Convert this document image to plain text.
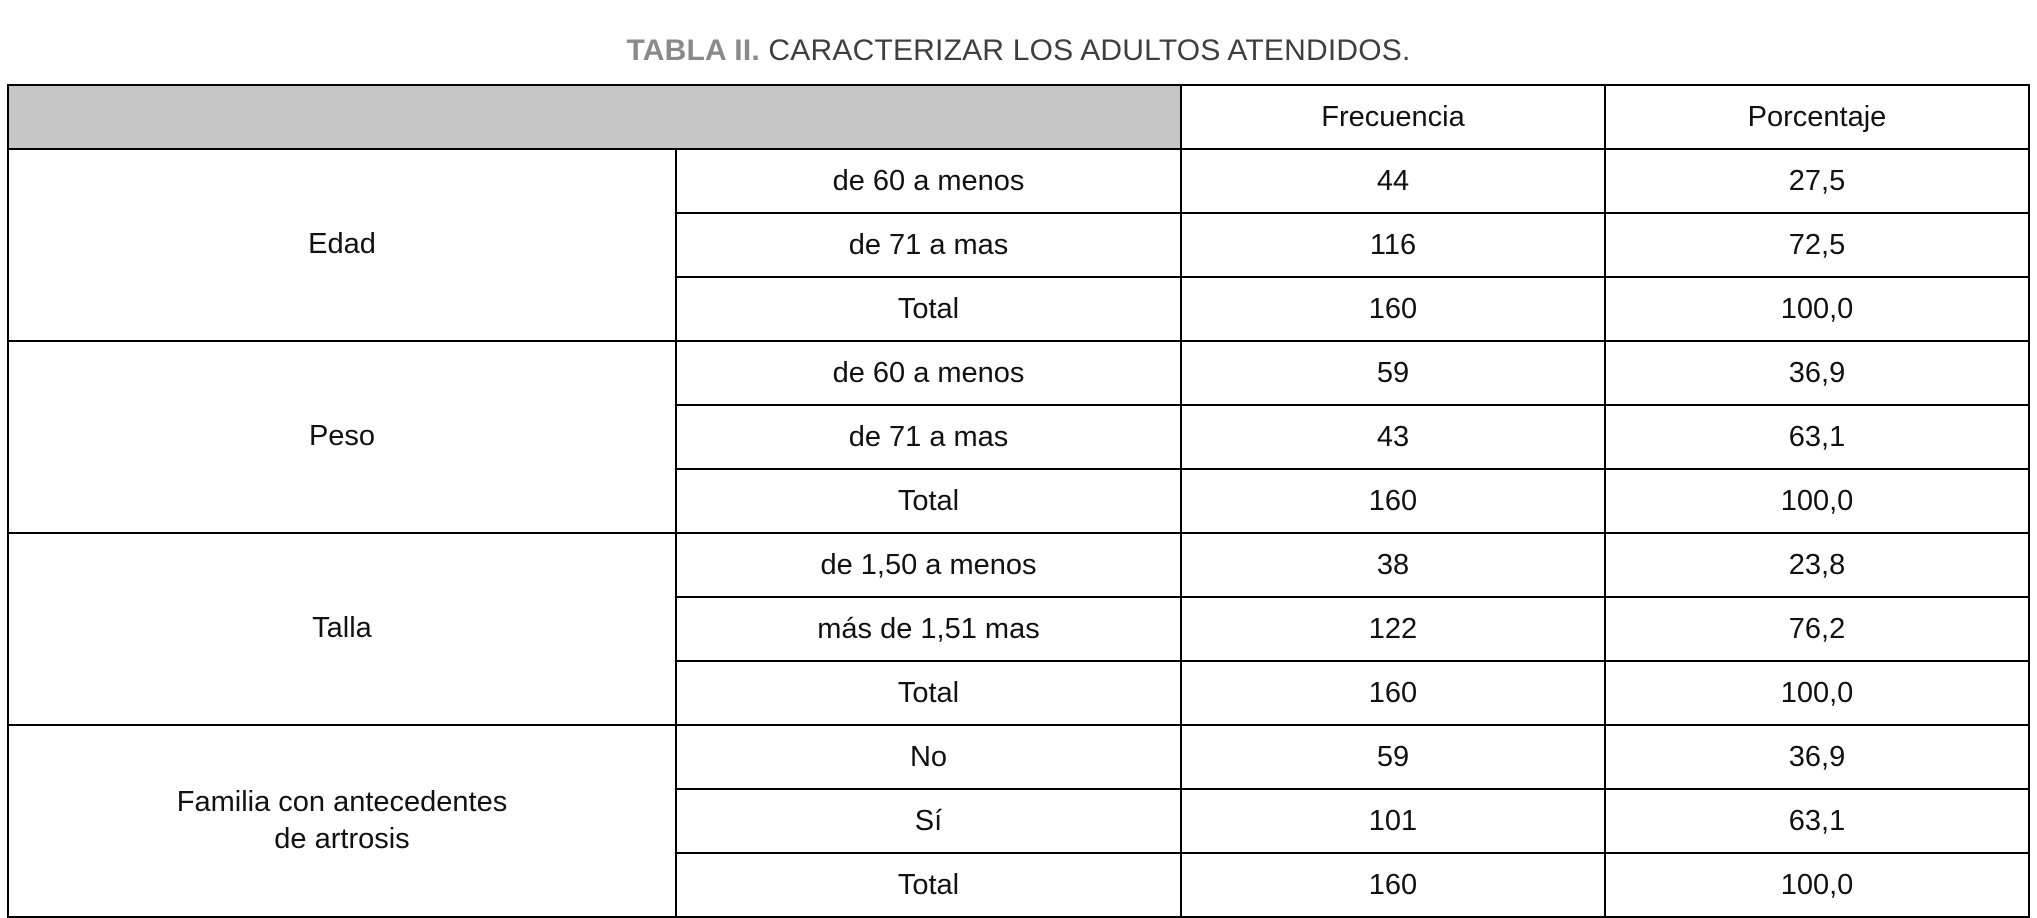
TABLA II. CARACTERIZAR LOS ADULTOS ATENDIDOS.
		Frecuencia	Porcentaje
Edad	de 60 a menos	44	27,5
	de 71 a mas	116	72,5
	Total	160	100,0
Peso	de 60 a menos	59	36,9
	de 71 a mas	43	63,1
	Total	160	100,0
Talla	de 1,50 a menos	38	23,8
	más de 1,51 mas	122	76,2
	Total	160	100,0
Familia con antecedentes
de artrosis	No	59	36,9
	Sí	101	63,1
	Total	160	100,0
